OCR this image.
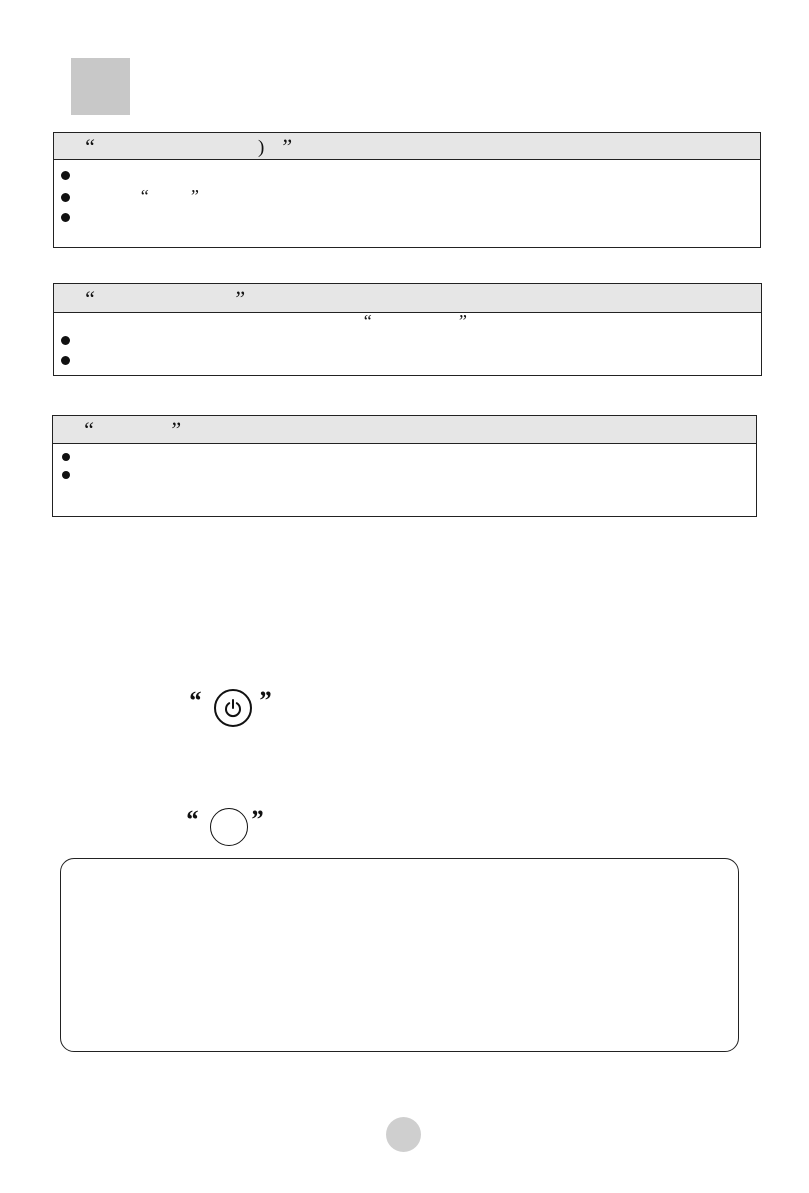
“	) ”
“ ”
“	”
“	”
“	”
“ ”
“ ”
